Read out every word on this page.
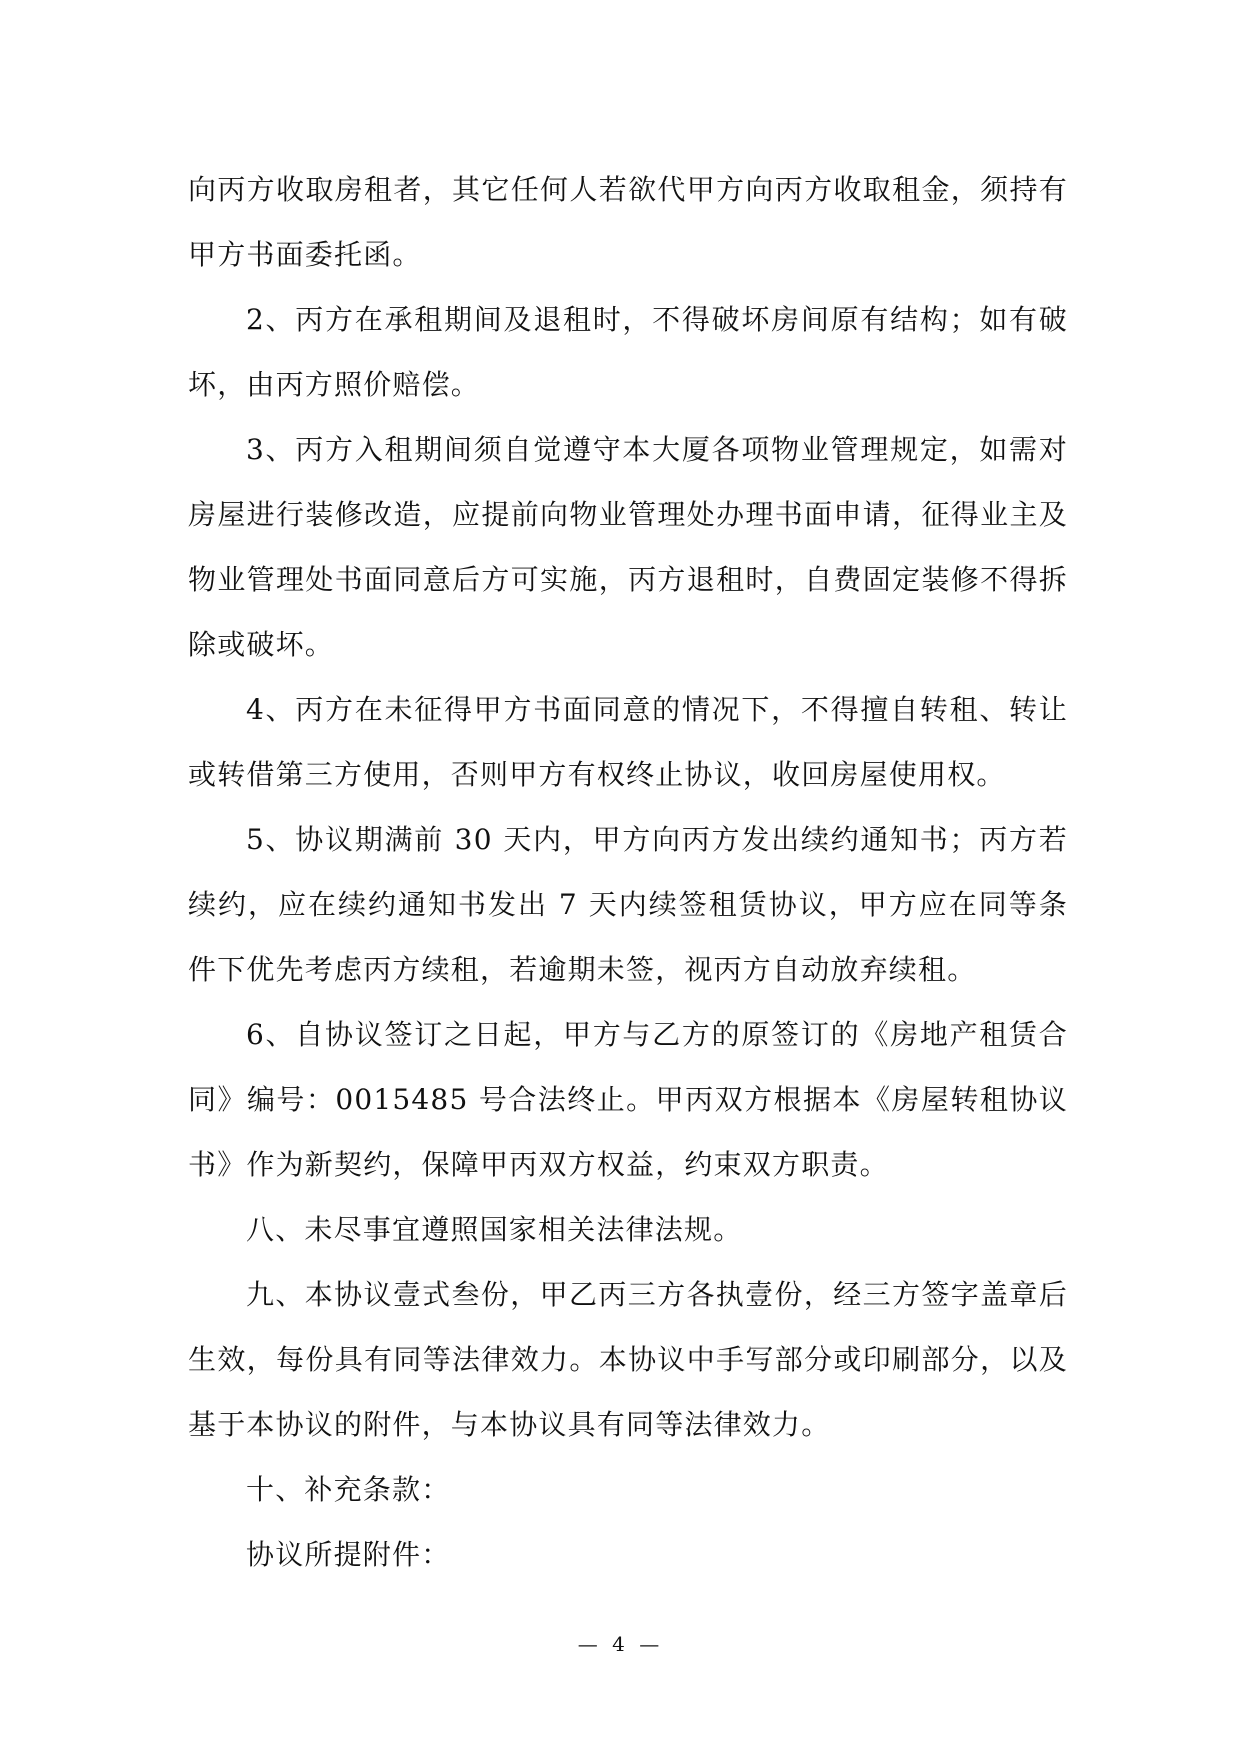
向丙方收取房租者，其它任何人若欲代甲方向丙方收取租金，须持有甲方书面委托函。

2、丙方在承租期间及退租时，不得破坏房间原有结构；如有破坏，由丙方照价赔偿。

3、丙方入租期间须自觉遵守本大厦各项物业管理规定，如需对房屋进行装修改造，应提前向物业管理处办理书面申请，征得业主及物业管理处书面同意后方可实施，丙方退租时，自费固定装修不得拆除或破坏。

4、丙方在未征得甲方书面同意的情况下，不得擅自转租、转让或转借第三方使用，否则甲方有权终止协议，收回房屋使用权。

5、协议期满前 30 天内，甲方向丙方发出续约通知书；丙方若续约，应在续约通知书发出 7 天内续签租赁协议，甲方应在同等条件下优先考虑丙方续租，若逾期未签，视丙方自动放弃续租。

6、自协议签订之日起，甲方与乙方的原签订的《房地产租赁合同》编号：0015485 号合法终止。甲丙双方根据本《房屋转租协议书》作为新契约，保障甲丙双方权益，约束双方职责。

八、未尽事宜遵照国家相关法律法规。

九、本协议壹式叁份，甲乙丙三方各执壹份，经三方签字盖章后生效，每份具有同等法律效力。本协议中手写部分或印刷部分，以及基于本协议的附件，与本协议具有同等法律效力。

十、补充条款：

协议所提附件：

— 4 —
